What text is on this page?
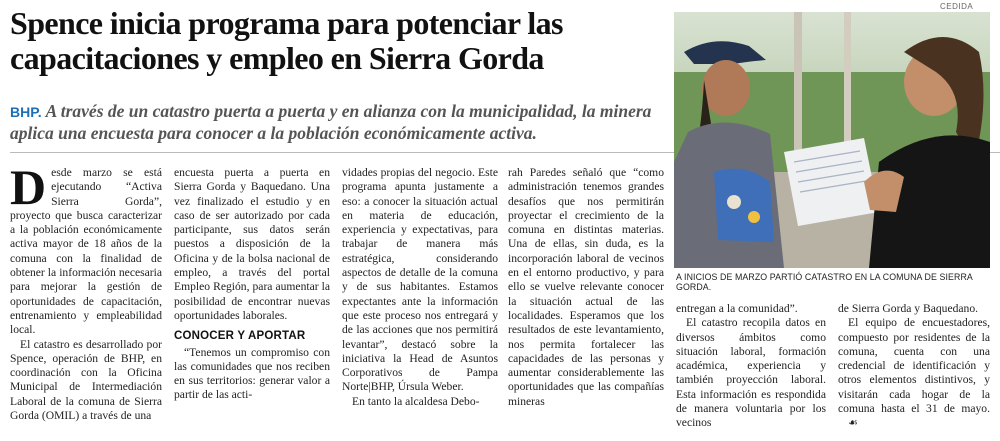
Spence inicia programa para potenciar las capacitaciones y empleo en Sierra Gorda

BHP. A través de un catastro puerta a puerta y en alianza con la municipalidad, la minera aplica una encuesta para conocer a la población económicamente activa.

CEDIDA
A INICIOS DE MARZO PARTIÓ CATASTRO EN LA COMUNA DE SIERRA GORDA.

Desde marzo se está ejecutando “Activa Sierra Gorda”, proyecto que busca caracterizar a la población económicamente activa mayor de 18 años de la comuna con la finalidad de obtener la información necesaria para mejorar la gestión de oportunidades de capacitación, entrenamiento y empleabilidad local.

El catastro es desarrollado por Spence, operación de BHP, en coordinación con la Oficina Municipal de Intermediación Laboral de la comuna de Sierra Gorda (OMIL) a través de una

encuesta puerta a puerta en Sierra Gorda y Baquedano. Una vez finalizado el estudio y en caso de ser autorizado por cada participante, sus datos serán puestos a disposición de la Oficina y de la bolsa nacional de empleo, a través del portal Empleo Región, para aumentar la posibilidad de encontrar nuevas oportunidades laborales.

CONOCER Y APORTAR

“Tenemos un compromiso con las comunidades que nos reciben en sus territorios: generar valor a partir de las acti-

vidades propias del negocio. Este programa apunta justamente a eso: a conocer la situación actual en materia de educación, experiencia y expectativas, para trabajar de manera más estratégica, considerando aspectos de detalle de la comuna y de sus habitantes. Estamos expectantes ante la información que este proceso nos entregará y de las acciones que nos permitirá levantar”, destacó sobre la iniciativa la Head de Asuntos Corporativos de Pampa Norte|BHP, Úrsula Weber.

En tanto la alcaldesa Debo-

rah Paredes señaló que “como administración tenemos grandes desafíos que nos permitirán proyectar el crecimiento de la comuna en distintas materias. Una de ellas, sin duda, es la incorporación laboral de vecinos en el entorno productivo, y para ello se vuelve relevante conocer la situación actual de las localidades. Esperamos que los resultados de este levantamiento, nos permita fortalecer las capacidades de las personas y aumentar considerablemente las oportunidades que las compañías mineras

entregan a la comunidad”.

El catastro recopila datos en diversos ámbitos como situación laboral, formación académica, experiencia y también proyección laboral. Esta información es respondida de manera voluntaria por los vecinos

de Sierra Gorda y Baquedano.

El equipo de encuestadores, compuesto por residentes de la comuna, cuenta con una credencial de identificación y otros elementos distintivos, y visitarán cada hogar de la comuna hasta el 31 de mayo. ☙
